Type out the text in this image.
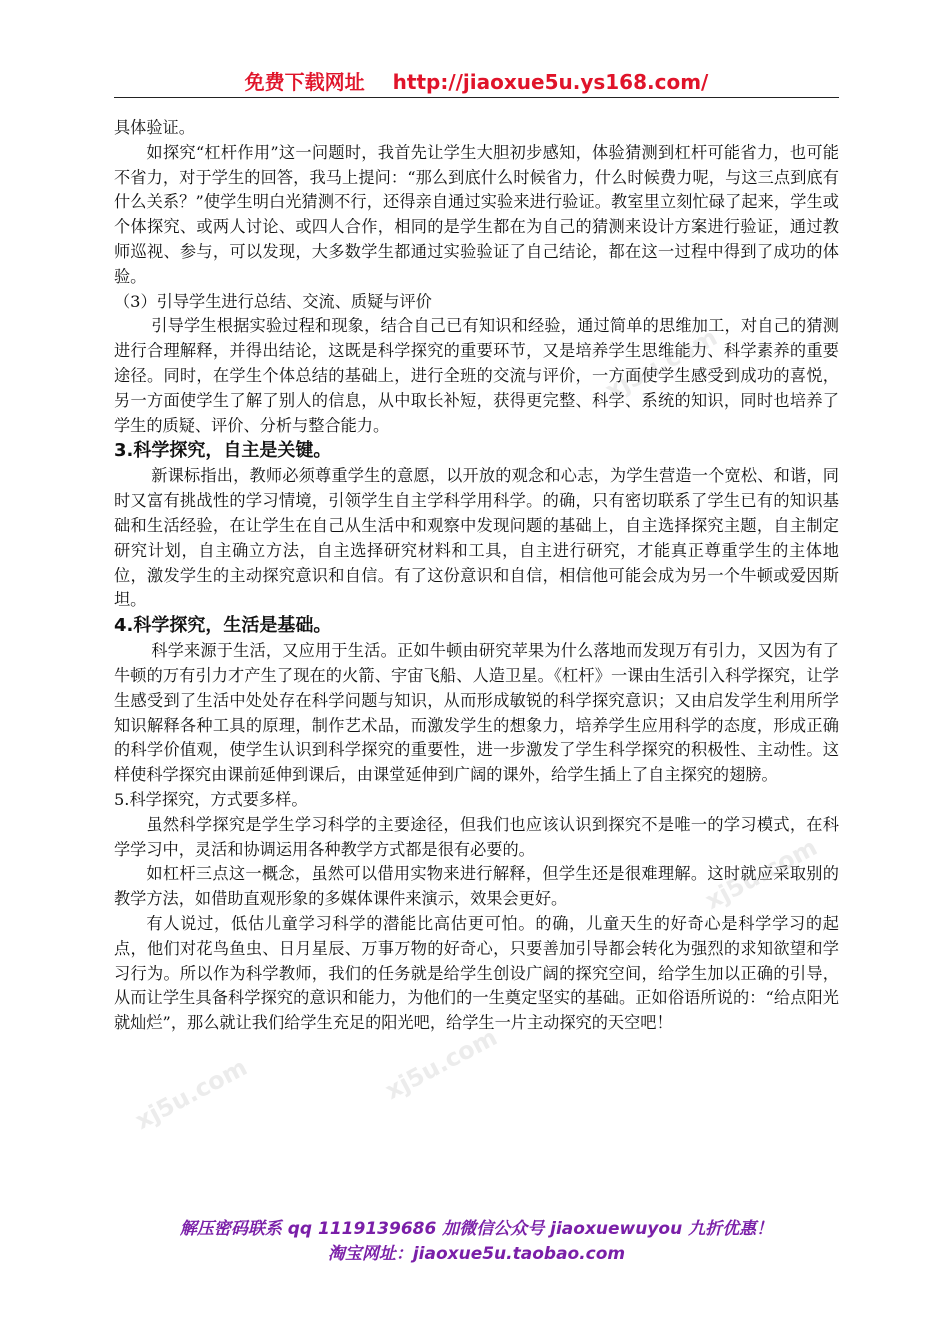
免费下载网址 http://jiaoxue5u.ys168.com/

具体验证。

如探究“杠杆作用”这一问题时，我首先让学生大胆初步感知，体验猜测到杠杆可能省力，也可能不省力，对于学生的回答，我马上提问：“那么到底什么时候省力，什么时候费力呢，与这三点到底有什么关系？”使学生明白光猜测不行，还得亲自通过实验来进行验证。教室里立刻忙碌了起来，学生或个体探究、或两人讨论、或四人合作，相同的是学生都在为自己的猜测来设计方案进行验证，通过教师巡视、参与，可以发现，大多数学生都通过实验验证了自己结论，都在这一过程中得到了成功的体验。

（3）引导学生进行总结、交流、质疑与评价

引导学生根据实验过程和现象，结合自己已有知识和经验，通过简单的思维加工，对自己的猜测进行合理解释，并得出结论，这既是科学探究的重要环节，又是培养学生思维能力、科学素养的重要途径。同时，在学生个体总结的基础上，进行全班的交流与评价，一方面使学生感受到成功的喜悦，另一方面使学生了解了别人的信息，从中取长补短，获得更完整、科学、系统的知识，同时也培养了学生的质疑、评价、分析与整合能力。

3.科学探究，自主是关键。

新课标指出，教师必须尊重学生的意愿，以开放的观念和心志，为学生营造一个宽松、和谐，同时又富有挑战性的学习情境，引领学生自主学科学用科学。的确，只有密切联系了学生已有的知识基础和生活经验，在让学生在自己从生活中和观察中发现问题的基础上，自主选择探究主题，自主制定研究计划，自主确立方法，自主选择研究材料和工具，自主进行研究，才能真正尊重学生的主体地位，激发学生的主动探究意识和自信。有了这份意识和自信，相信他可能会成为另一个牛顿或爱因斯坦。

4.科学探究，生活是基础。

科学来源于生活，又应用于生活。正如牛顿由研究苹果为什么落地而发现万有引力，又因为有了牛顿的万有引力才产生了现在的火箭、宇宙飞船、人造卫星。《杠杆》一课由生活引入科学探究，让学生感受到了生活中处处存在科学问题与知识，从而形成敏锐的科学探究意识；又由启发学生利用所学知识解释各种工具的原理，制作艺术品，而激发学生的想象力，培养学生应用科学的态度，形成正确的科学价值观，使学生认识到科学探究的重要性，进一步激发了学生科学探究的积极性、主动性。这样使科学探究由课前延伸到课后，由课堂延伸到广阔的课外，给学生插上了自主探究的翅膀。

5.科学探究，方式要多样。

虽然科学探究是学生学习科学的主要途径，但我们也应该认识到探究不是唯一的学习模式，在科学学习中，灵活和协调运用各种教学方式都是很有必要的。

如杠杆三点这一概念，虽然可以借用实物来进行解释，但学生还是很难理解。这时就应采取别的教学方法，如借助直观形象的多媒体课件来演示，效果会更好。

有人说过，低估儿童学习科学的潜能比高估更可怕。的确，儿童天生的好奇心是科学学习的起点，他们对花鸟鱼虫、日月星辰、万事万物的好奇心，只要善加引导都会转化为强烈的求知欲望和学习行为。所以作为科学教师，我们的任务就是给学生创设广阔的探究空间，给学生加以正确的引导，从而让学生具备科学探究的意识和能力，为他们的一生奠定坚实的基础。正如俗语所说的：“给点阳光就灿烂”，那么就让我们给学生充足的阳光吧，给学生一片主动探究的天空吧！

xj5u.com
xj5u.com
xj5u.com	xj5u.com
解压密码联系 qq 1119139686 加微信公众号 jiaoxuewuyou 九折优惠！
淘宝网址：jiaoxue5u.taobao.com
